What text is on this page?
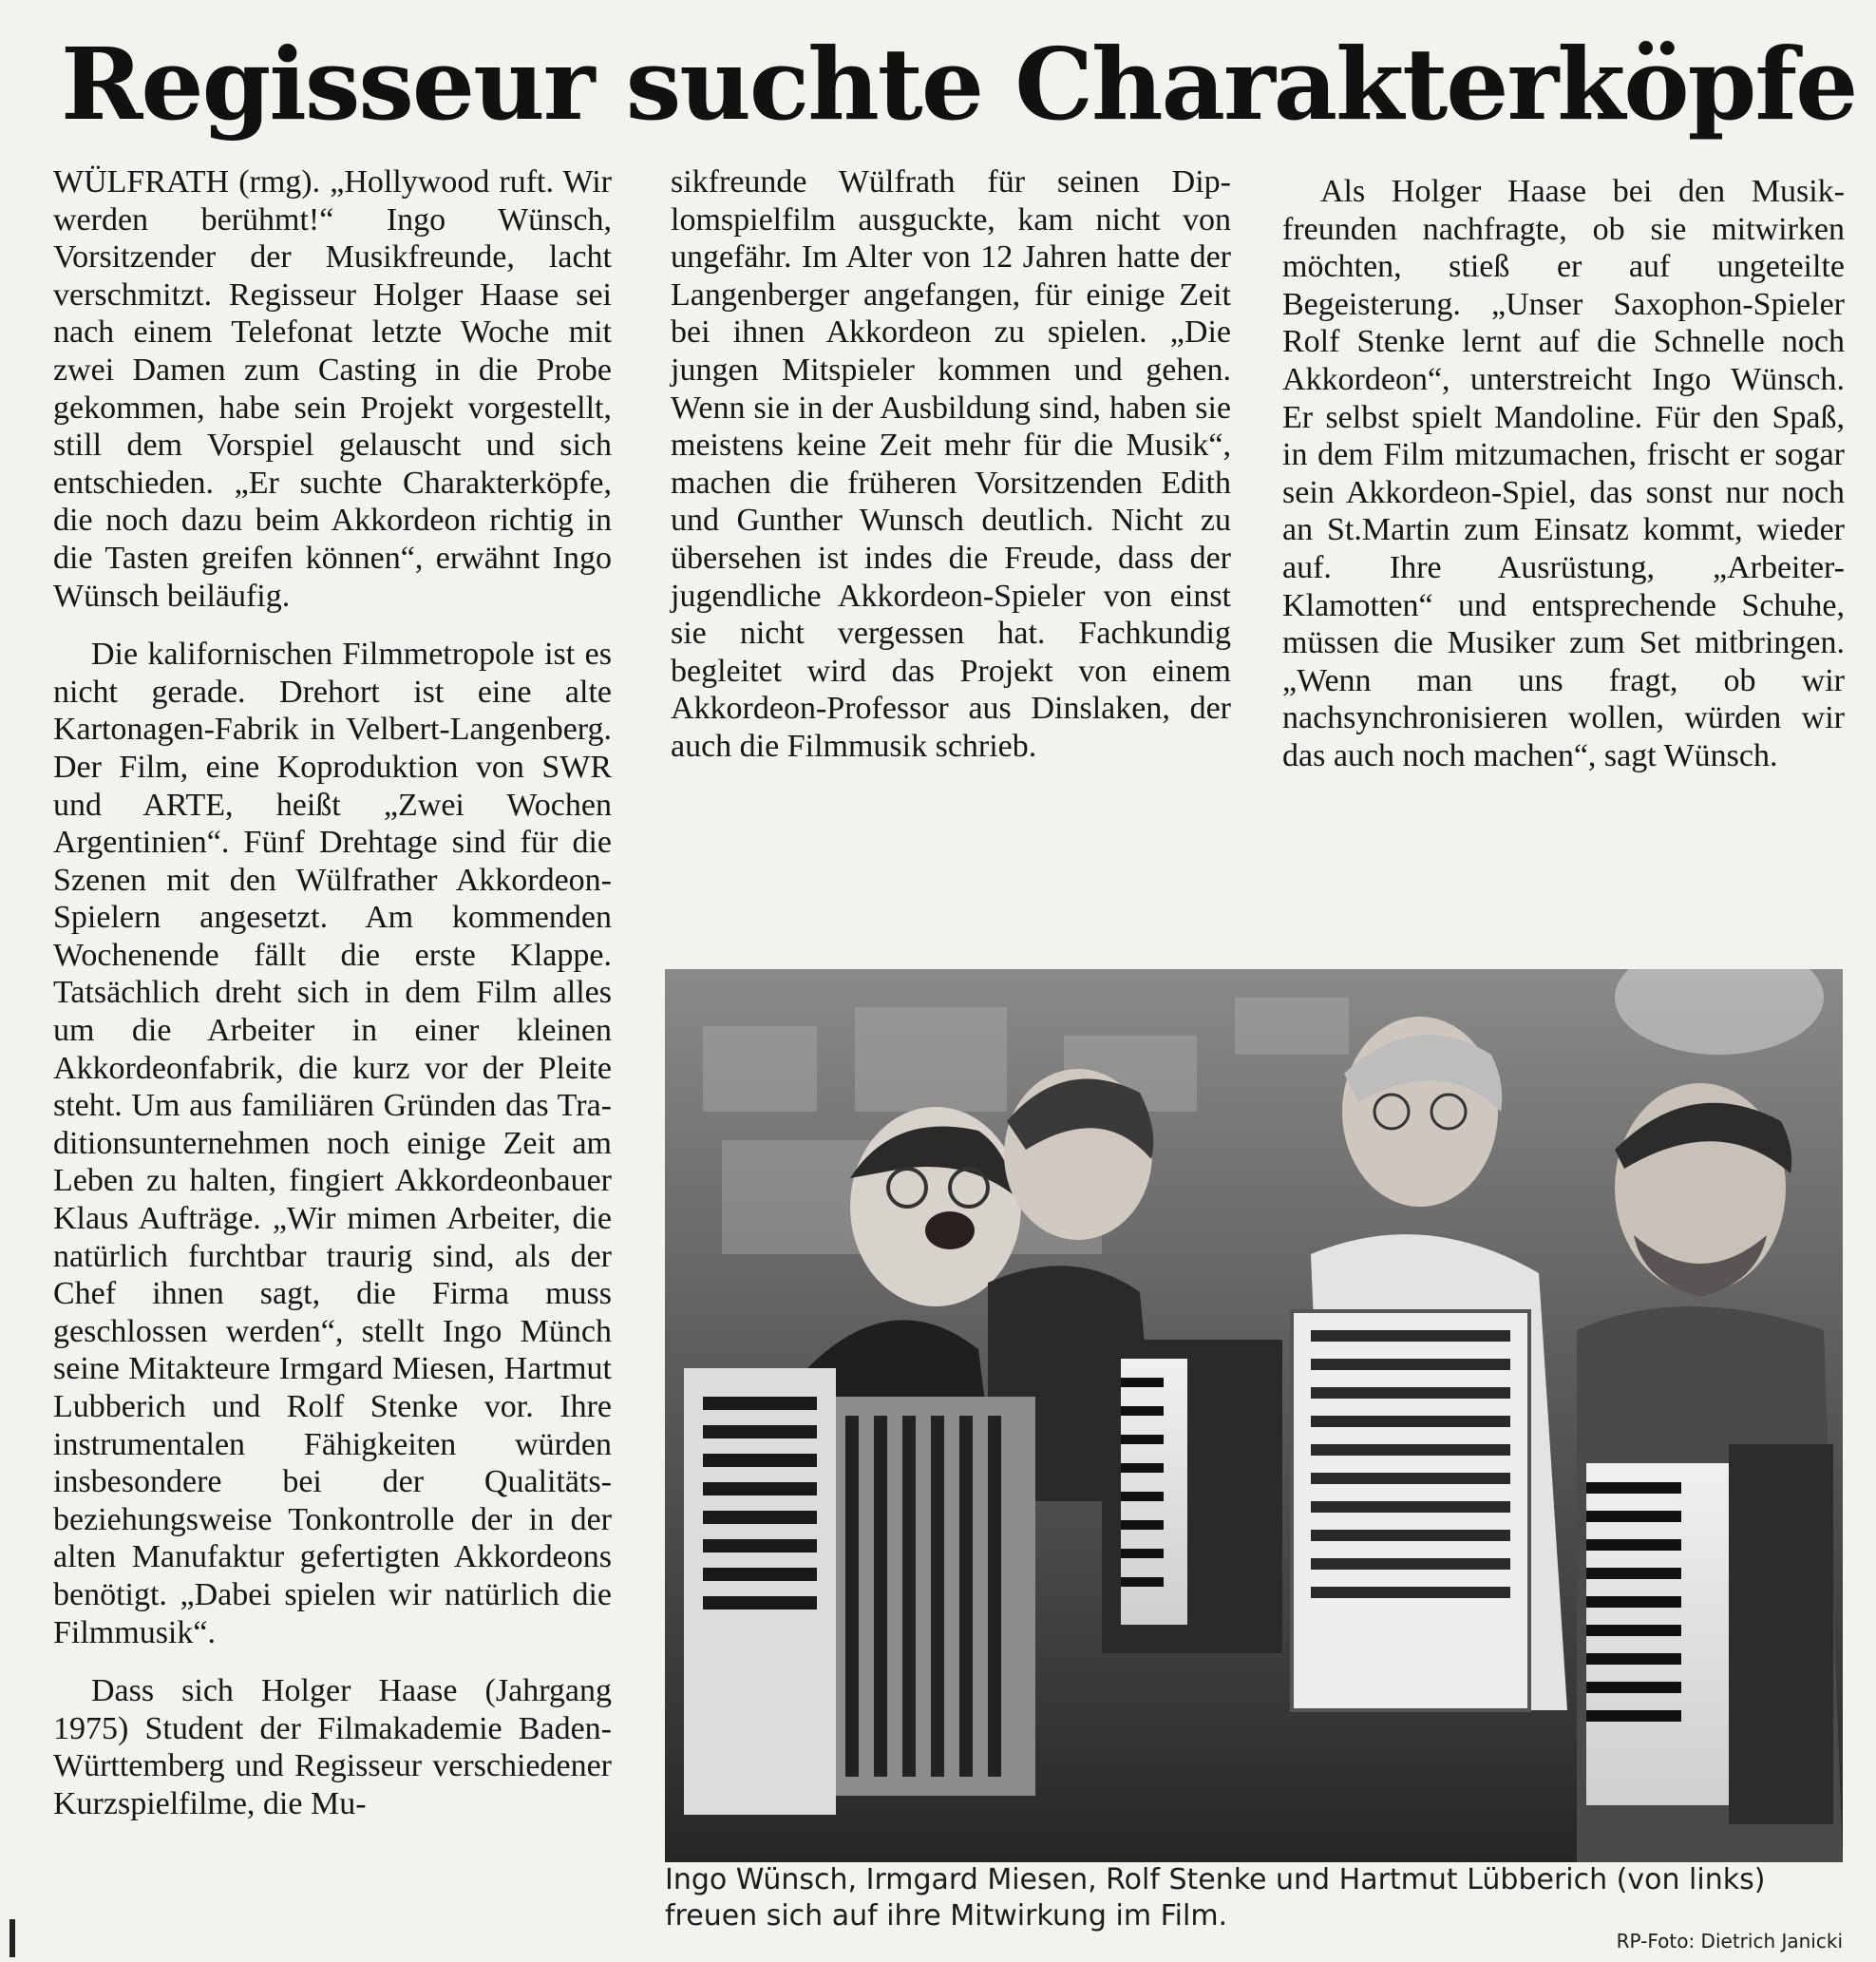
Regisseur suchte Charakterköpfe

WÜLFRATH (rmg). „Hollywood ruft. Wir werden berühmt!“ Ingo Wünsch, Vorsitzender der Musikfreunde, lacht verschmitzt. Regisseur Holger Haase sei nach einem Telefonat letzte Woche mit zwei Damen zum Casting in die Probe gekommen, habe sein Projekt vorgestellt, still dem Vorspiel gelauscht und sich entschieden. „Er suchte Charakterköpfe, die noch dazu beim Akkordeon richtig in die Tasten greifen können“, erwähnt Ingo Wünsch beiläufig.

Die kalifornischen Filmmetropole ist es nicht gerade. Drehort ist eine alte Kartonagen-Fabrik in Velbert-Langenberg. Der Film, eine Koproduktion von SWR und ARTE, heißt „Zwei Wochen Argentinien“. Fünf Drehtage sind für die Szenen mit den Wülfrather Akkordeon-Spielern angesetzt. Am kommenden Wochenende fällt die erste Klappe. Tatsächlich dreht sich in dem Film alles um die Arbeiter in einer kleinen Akkordeonfabrik, die kurz vor der Pleite steht. Um aus familiären Gründen das Traditionsunternehmen noch einige Zeit am Leben zu halten, fingiert Akkordeonbauer Klaus Aufträge. „Wir mimen Arbeiter, die natürlich furchtbar traurig sind, als der Chef ihnen sagt, die Firma muss geschlossen werden“, stellt Ingo Münch seine Mitakteure Irmgard Miesen, Hartmut Lubberich und Rolf Stenke vor. Ihre instrumentalen Fähigkeiten würden insbesondere bei der Qualitäts- beziehungsweise Tonkontrolle der in der alten Manufaktur gefertigten Akkordeons benötigt. „Dabei spielen wir natürlich die Filmmusik“.

Dass sich Holger Haase (Jahrgang 1975) Student der Filmakademie Baden-Württemberg und Regisseur verschiedener Kurzspielfilme, die Mu-

sikfreunde Wülfrath für seinen Diplomspielfilm ausguckte, kam nicht von ungefähr. Im Alter von 12 Jahren hatte der Langenberger angefangen, für einige Zeit bei ihnen Akkordeon zu spielen. „Die jungen Mitspieler kommen und gehen. Wenn sie in der Ausbildung sind, haben sie meistens keine Zeit mehr für die Musik“, machen die früheren Vorsitzenden Edith und Gunther Wunsch deutlich. Nicht zu übersehen ist indes die Freude, dass der jugendliche Akkordeon-Spieler von einst sie nicht vergessen hat. Fachkundig begleitet wird das Projekt von einem Akkordeon-Professor aus Dinslaken, der auch die Filmmusik schrieb.

Als Holger Haase bei den Musikfreunden nachfragte, ob sie mitwirken möchten, stieß er auf ungeteilte Begeisterung. „Unser Saxophon-Spieler Rolf Stenke lernt auf die Schnelle noch Akkordeon“, unterstreicht Ingo Wünsch. Er selbst spielt Mandoline. Für den Spaß, in dem Film mitzumachen, frischt er sogar sein Akkordeon-Spiel, das sonst nur noch an St.Martin zum Einsatz kommt, wieder auf. Ihre Ausrüstung, „Arbeiter-Klamotten“ und entsprechende Schuhe, müssen die Musiker zum Set mitbringen. „Wenn man uns fragt, ob wir nachsynchronisieren wollen, würden wir das auch noch machen“, sagt Wünsch.

Ingo Wünsch, Irmgard Miesen, Rolf Stenke und Hartmut Lübberich (von links) freuen sich auf ihre Mitwirkung im Film.

RP-Foto: Dietrich Janicki
